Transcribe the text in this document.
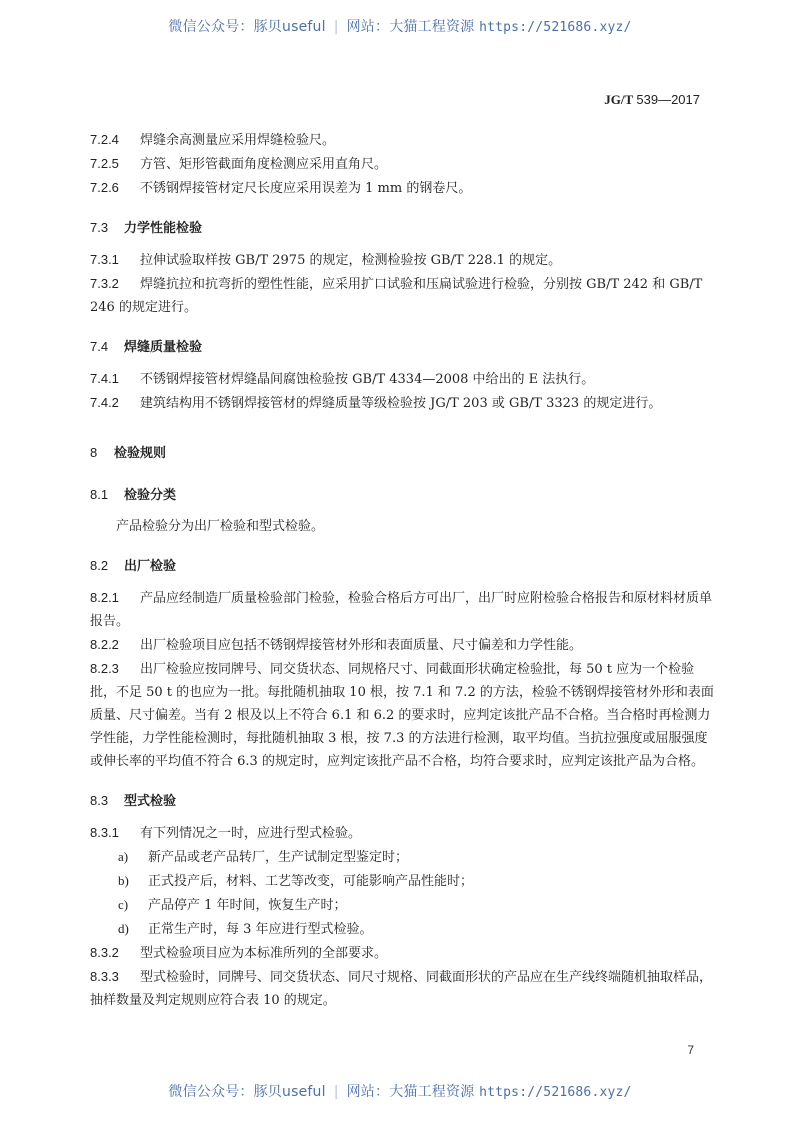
微信公众号：豚贝useful | 网站：大猫工程资源 https://521686.xyz/
JG/T 539—2017

7.2.4 焊缝余高测量应采用焊缝检验尺。

7.2.5 方管、矩形管截面角度检测应采用直角尺。

7.2.6 不锈钢焊接管材定尺长度应采用误差为 1 mm 的钢卷尺。

7.3 力学性能检验

7.3.1 拉伸试验取样按 GB/T 2975 的规定，检测检验按 GB/T 228.1 的规定。

7.3.2 焊缝抗拉和抗弯折的塑性性能，应采用扩口试验和压扁试验进行检验，分别按 GB/T 242 和 GB/T 246 的规定进行。

7.4 焊缝质量检验

7.4.1 不锈钢焊接管材焊缝晶间腐蚀检验按 GB/T 4334—2008 中给出的 E 法执行。

7.4.2 建筑结构用不锈钢焊接管材的焊缝质量等级检验按 JG/T 203 或 GB/T 3323 的规定进行。

8 检验规则
8.1 检验分类

产品检验分为出厂检验和型式检验。

8.2 出厂检验

8.2.1 产品应经制造厂质量检验部门检验，检验合格后方可出厂，出厂时应附检验合格报告和原材料材质单报告。

8.2.2 出厂检验项目应包括不锈钢焊接管材外形和表面质量、尺寸偏差和力学性能。

8.2.3 出厂检验应按同牌号、同交货状态、同规格尺寸、同截面形状确定检验批，每 50 t 应为一个检验批，不足 50 t 的也应为一批。每批随机抽取 10 根，按 7.1 和 7.2 的方法，检验不锈钢焊接管材外形和表面质量、尺寸偏差。当有 2 根及以上不符合 6.1 和 6.2 的要求时，应判定该批产品不合格。当合格时再检测力学性能，力学性能检测时，每批随机抽取 3 根，按 7.3 的方法进行检测，取平均值。当抗拉强度或屈服强度或伸长率的平均值不符合 6.3 的规定时，应判定该批产品不合格，均符合要求时，应判定该批产品为合格。

8.3 型式检验

8.3.1 有下列情况之一时，应进行型式检验。

a) 新产品或老产品转厂，生产试制定型鉴定时；

b) 正式投产后，材料、工艺等改变，可能影响产品性能时；

c) 产品停产 1 年时间，恢复生产时；

d) 正常生产时，每 3 年应进行型式检验。

8.3.2 型式检验项目应为本标准所列的全部要求。

8.3.3 型式检验时，同牌号、同交货状态、同尺寸规格、同截面形状的产品应在生产线终端随机抽取样品，抽样数量及判定规则应符合表 10 的规定。

7
微信公众号：豚贝useful | 网站：大猫工程资源 https://521686.xyz/
